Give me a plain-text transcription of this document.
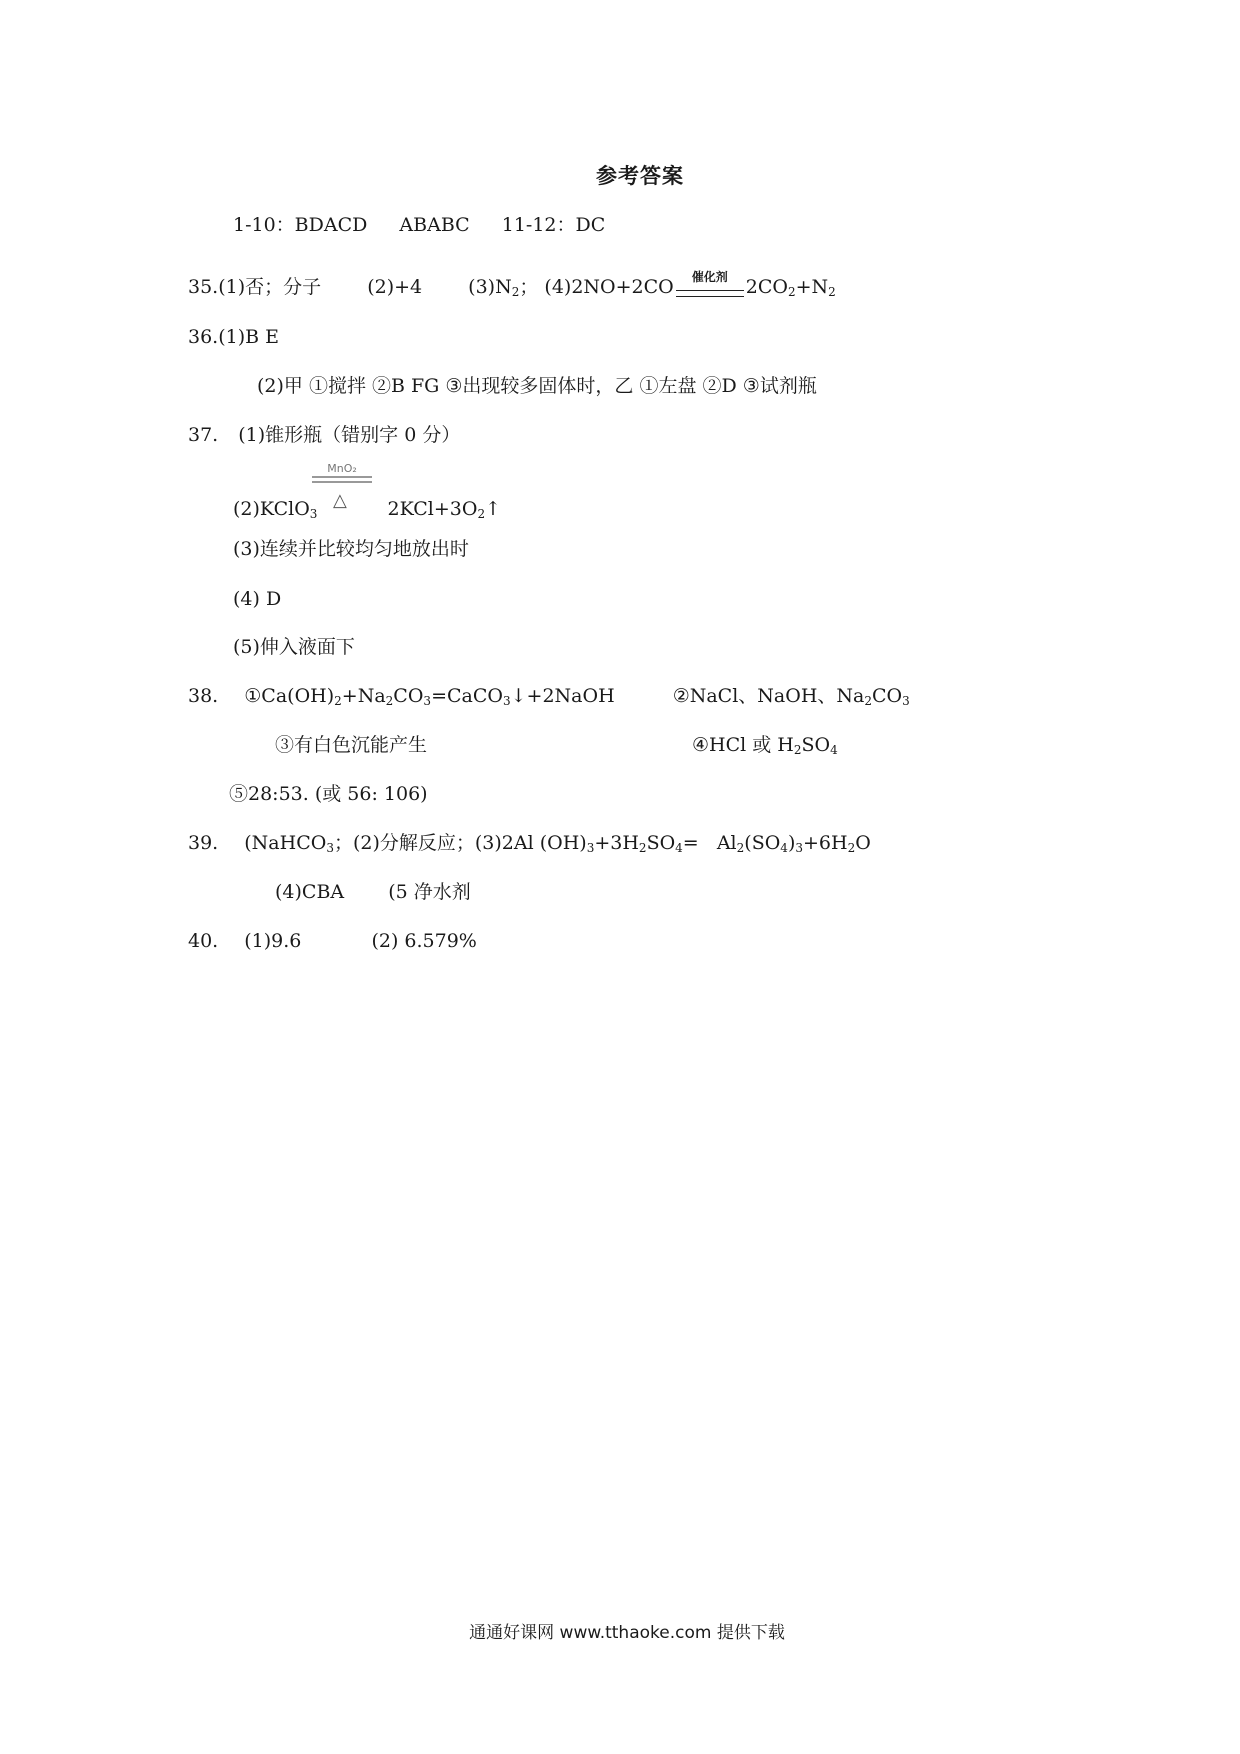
参考答案
1-10：BDACD ABABC 11-12：DC
35.(1)否；分子 (2)+4 $(3)N_2$； (4)2NO+2CO	催化剂 $2CO_2+N_2$
36.(1)B E
(2)甲 ①搅拌 ②B FG ③出现较多固体时，乙 ①左盘 ②D ③试剂瓶
37. (1)锥形瓶（错别字 0 分）
MnO₂
△
(2)KClO$_3$	$2KCl+3O_2↑$
(3)连续并比较均匀地放出时
(4) D
(5)伸入液面下
38. $①Ca(OH)_2+Na_2CO_3=CaCO_3↓+2NaOH$	②NaCl、NaOH、$Na_2CO_3$
③有白色沉能产生	④HCl 或 $H_2SO_4$
⑤28:53. (或 56: 106)
39. (NaHCO$_3$；(2)分解反应；(3)2Al $(OH)_3+3H_2SO_4= Al_2(SO_4)_3+6H_2O$
(4)CBA (5 净水剂
40. (1)9.6	(2) 6.579%
通通好课网 www.tthaoke.com 提供下载
